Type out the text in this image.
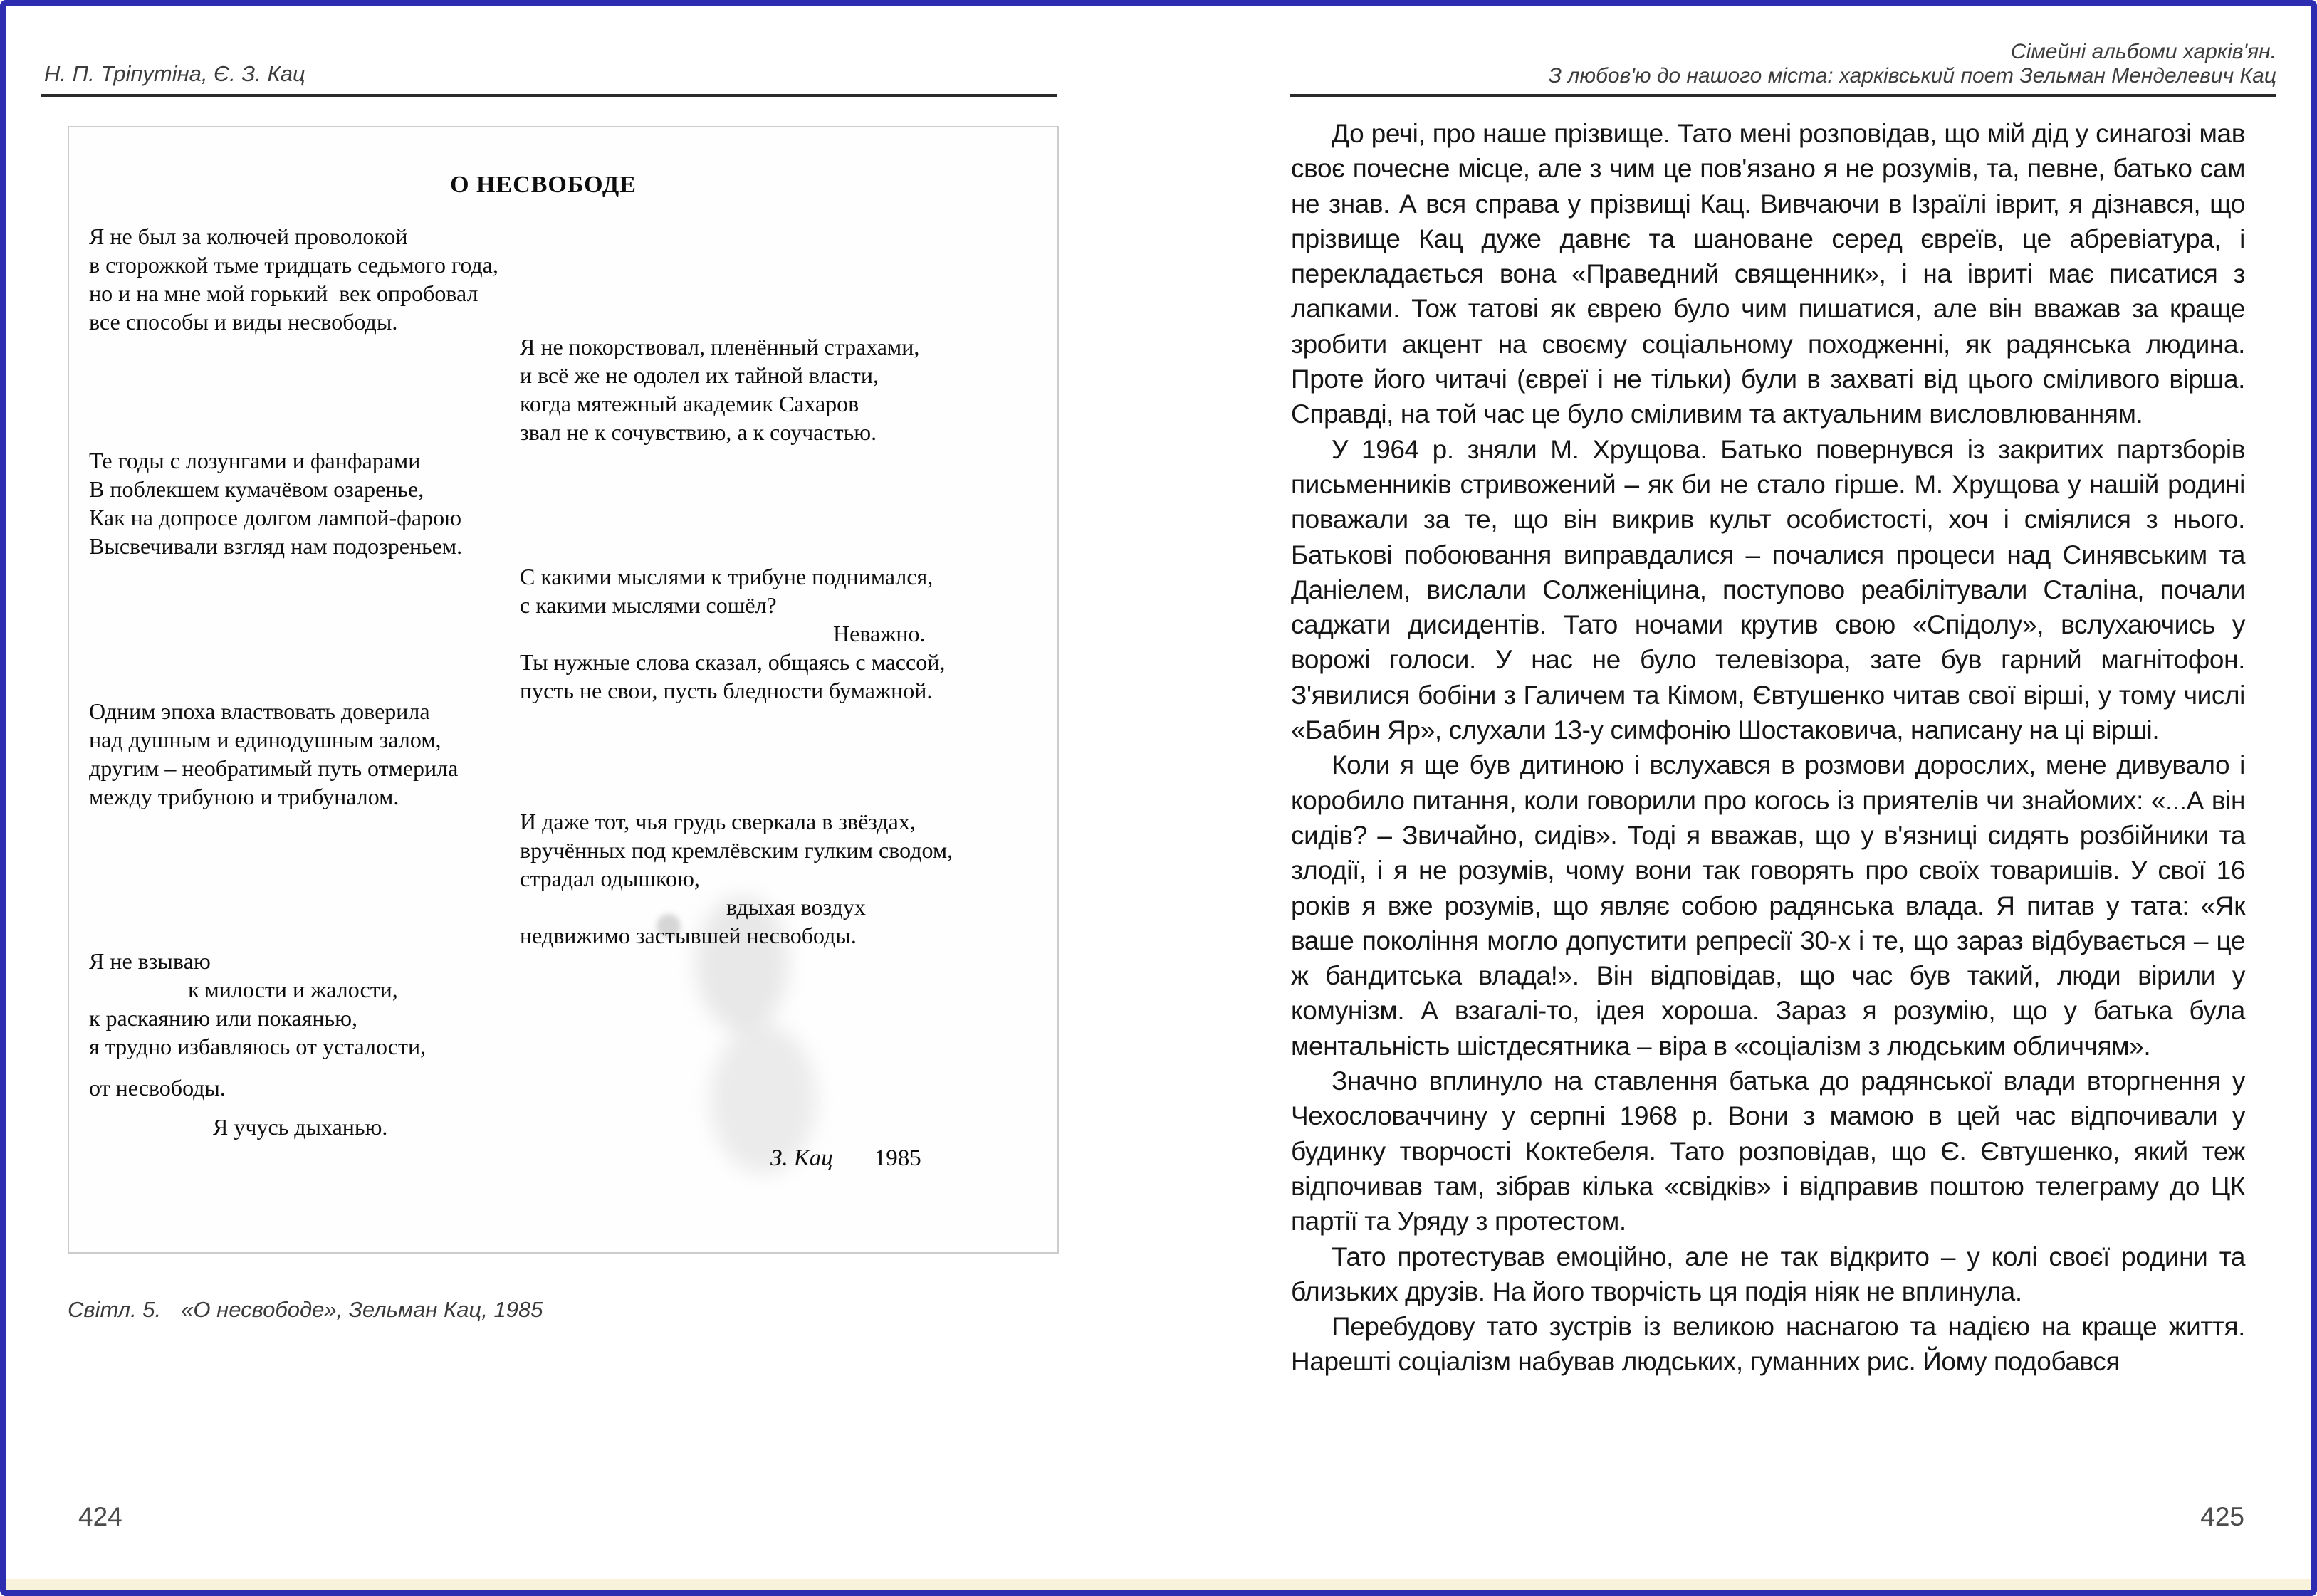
Н. П. Тріпутіна, Є. З. Кац
О НЕСВОБОДЕ
Я не был за колючей проволокой
в сторожкой тьме тридцать седьмого года,
но и на мне мой горький  век опробовал
все способы и виды несвободы.
Я не покорствовал, пленённый страхами,
и всё же не одолел их тайной власти,
когда мятежный академик Сахаров
звал не к сочувствию, а к соучастью.
Те годы с лозунгами и фанфарами
В поблекшем кумачёвом озаренье,
Как на допросе долгом лампой-фарою
Высвечивали взгляд нам подозреньем.
С какими мыслями к трибуне поднимался,
с какими мыслями сошёл?
Неважно.
Ты нужные слова сказал, общаясь с массой,
пусть не свои, пусть бледности бумажной.
Одним эпоха властвовать доверила
над душным и единодушным залом,
другим – необратимый путь отмерила
между трибуною и трибуналом.
И даже тот, чья грудь сверкала в звёздах,
вручённых под кремлёвским гулким сводом,
страдал одышкою,
вдыхая воздух
недвижимо застывшей несвободы.
Я не взываю
к милости и жалости,
к раскаянию или покаянью,
я трудно избавляюсь от усталости,
от несвободы.
Я учусь дыханью.
З. Кац 1985
Світл. 5. «О несвободе», Зельман Кац, 1985
424
Сімейні альбоми харків'ян.
З любов'ю до нашого міста: харківський поет Зельман Менделевич Кац

До речі, про наше прізвище. Тато мені розповідав, що мій дід у синагозі мав своє почесне місце, але з чим це пов'язано я не розумів, та, певне, батько сам не знав. А вся справа у прізвищі Кац. Вивчаючи в Ізраїлі іврит, я дізнався, що прізвище Кац дуже давнє та шановане серед євреїв, це абревіатура, і перекладається вона «Праведний священник», і на івриті має писатися з лапками. Тож татові як єврею було чим пишатися, але він вважав за краще зробити акцент на своєму соціальному походженні, як радянська людина. Проте його читачі (євреї і не тільки) були в захваті від цього сміливого вірша. Справді, на той час це було сміливим та актуальним висловлюванням.

У 1964 р. зняли М. Хрущова. Батько повернувся із закритих партзборів письменників стривожений – як би не стало гірше. М. Хрущова у нашій родині поважали за те, що він викрив культ особистості, хоч і сміялися з нього. Батькові побоювання виправдалися – почалися процеси над Синявським та Даніелем, вислали Солженіцина, поступово реабілітували Сталіна, почали саджати дисидентів. Тато ночами крутив свою «Спідолу», вслухаючись у ворожі голоси. У нас не було телевізора, зате був гарний магнітофон. З'явилися бобіни з Галичем та Кімом, Євтушенко читав свої вірші, у тому числі «Бабин Яр», слухали 13-у симфонію Шостаковича, написану на ці вірші.

Коли я ще був дитиною і вслухався в розмови дорослих, мене дивувало і коробило питання, коли говорили про когось із приятелів чи знайомих: «...А він сидів? – Звичайно, сидів». Тоді я вважав, що у в'язниці сидять розбійники та злодії, і я не розумів, чому вони так говорять про своїх товаришів. У свої 16 років я вже розумів, що являє собою радянська влада. Я питав у тата: «Як ваше покоління могло допустити репресії 30-х і те, що зараз відбувається – це ж бандитська влада!». Він відповідав, що час був такий, люди вірили у комунізм. А взагалі-то, ідея хороша. Зараз я розумію, що у батька була ментальність шістдесятника – віра в «соціалізм з людським обличчям».

Значно вплинуло на ставлення батька до радянської влади вторгнення у Чехословаччину у серпні 1968 р. Вони з мамою в цей час відпочивали у будинку творчості Коктебеля. Тато розповідав, що Є. Євтушенко, який теж відпочивав там, зібрав кілька «свідків» і відправив поштою телеграму до ЦК партії та Уряду з протестом.

Тато протестував емоційно, але не так відкрито – у колі своєї родини та близьких друзів. На його творчість ця подія ніяк не вплинула.

Перебудову тато зустрів із великою наснагою та надією на краще життя. Нарешті соціалізм набував людських, гуманних рис. Йому подобався

425
